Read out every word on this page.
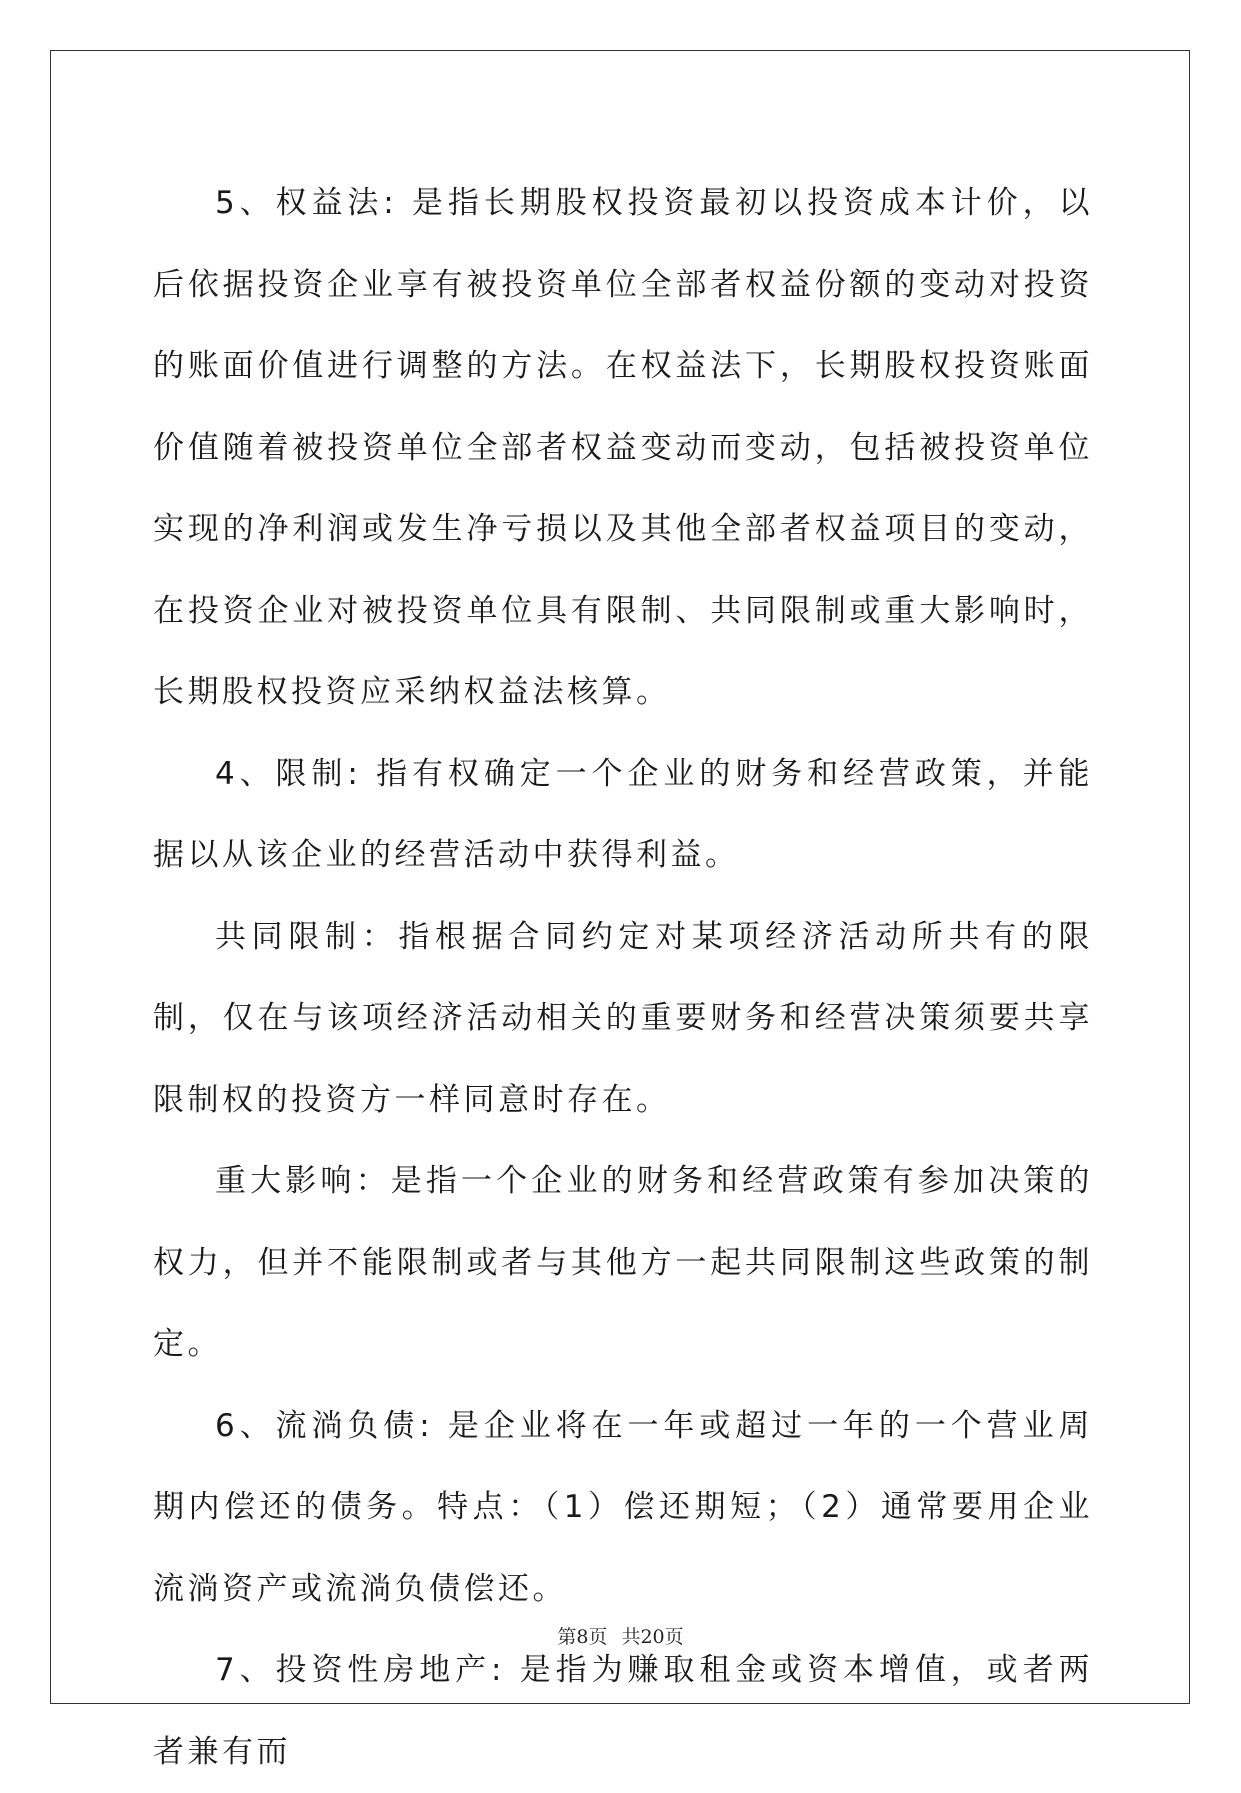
5、权益法: 是指长期股权投资最初以投资成本计价，以后依据投资企业享有被投资单位全部者权益份额的变动对投资的账面价值进行调整的方法。在权益法下，长期股权投资账面价值随着被投资单位全部者权益变动而变动，包括被投资单位实现的净利润或发生净亏损以及其他全部者权益项目的变动，在投资企业对被投资单位具有限制、共同限制或重大影响时，长期股权投资应采纳权益法核算。

4、限制: 指有权确定一个企业的财务和经营政策，并能据以从该企业的经营活动中获得利益。

共同限制：指根据合同约定对某项经济活动所共有的限制，仅在与该项经济活动相关的重要财务和经营决策须要共享限制权的投资方一样同意时存在。

重大影响：是指一个企业的财务和经营政策有参加决策的权力，但并不能限制或者与其他方一起共同限制这些政策的制定。

6、流淌负债: 是企业将在一年或超过一年的一个营业周期内偿还的债务。特点：（1）偿还期短；（2）通常要用企业流淌资产或流淌负债偿还。

7、投资性房地产: 是指为赚取租金或资本增值，或者两者兼有而

第8页 共20页
